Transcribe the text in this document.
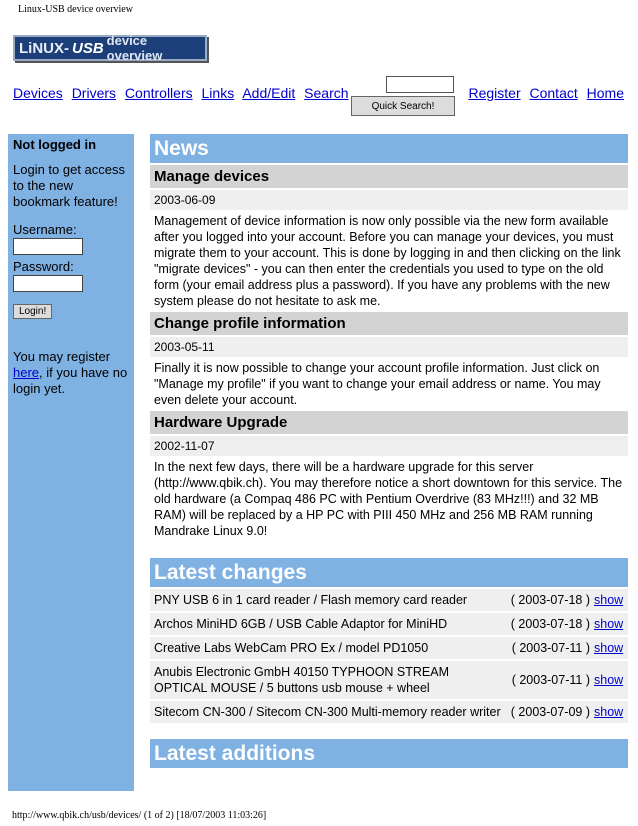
Linux-USB device overview
LiNUX- USB device overview
Devices Drivers Controllers Links Add/Edit Search
Quick Search!
Register Contact Home
Not logged in
Login to get access to the new bookmark feature!
Username:
Password:
Login!
You may register here, if you have no login yet.
News
Manage devices
2003-06-09
Management of device information is now only possible via the new form available after you logged into your account. Before you can manage your devices, you must migrate them to your account. This is done by logging in and then clicking on the link "migrate devices" - you can then enter the credentials you used to type on the old form (your email address plus a password). If you have any problems with the new system please do not hesitate to ask me.
Change profile information
2003-05-11
Finally it is now possible to change your account profile information. Just click on "Manage my profile" if you want to change your email address or name. You may even delete your account.
Hardware Upgrade
2002-11-07
In the next few days, there will be a hardware upgrade for this server (http://www.qbik.ch). You may therefore notice a short downtown for this service. The old hardware (a Compaq 486 PC with Pentium Overdrive (83 MHz!!!) and 32 MB RAM) will be replaced by a HP PC with PIII 450 MHz and 256 MB RAM running Mandrake Linux 9.0!
Latest changes
PNY USB 6 in 1 card reader / Flash memory card reader	( 2003-07-18 )	show
Archos MiniHD 6GB / USB Cable Adaptor for MiniHD	( 2003-07-18 )	show
Creative Labs WebCam PRO Ex / model PD1050	( 2003-07-11 )	show
Anubis Electronic GmbH 40150 TYPHOON STREAM OPTICAL MOUSE / 5 buttons usb mouse + wheel	( 2003-07-11 )	show
Sitecom CN-300 / Sitecom CN-300 Multi-memory reader writer	( 2003-07-09 )	show
Latest additions
http://www.qbik.ch/usb/devices/ (1 of 2) [18/07/2003 11:03:26]
